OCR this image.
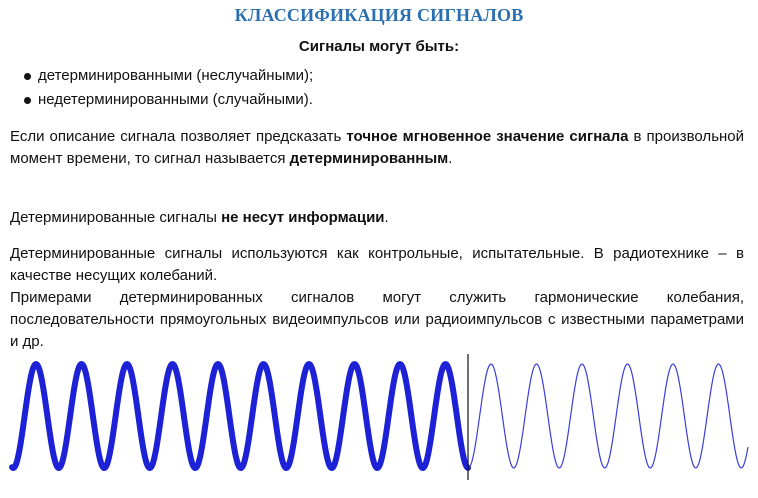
КЛАССИФИКАЦИЯ СИГНАЛОВ
Сигналы могут быть:
детерминированными (неслучайными);
недетерминированными (случайными).

Если описание сигнала позволяет предсказать точное мгновенное значение сигнала в произвольной момент времени, то сигнал называется детерминированным.

Детерминированные сигналы не несут информации.

Детерминированные сигналы используются как контрольные, испытательные. В радиотехнике – в качестве несущих колебаний.

Примерами детерминированных сигналов могут служить гармонические колебания, последовательности прямоугольных видеоимпульсов или радиоимпульсов с известными параметрами и др.
